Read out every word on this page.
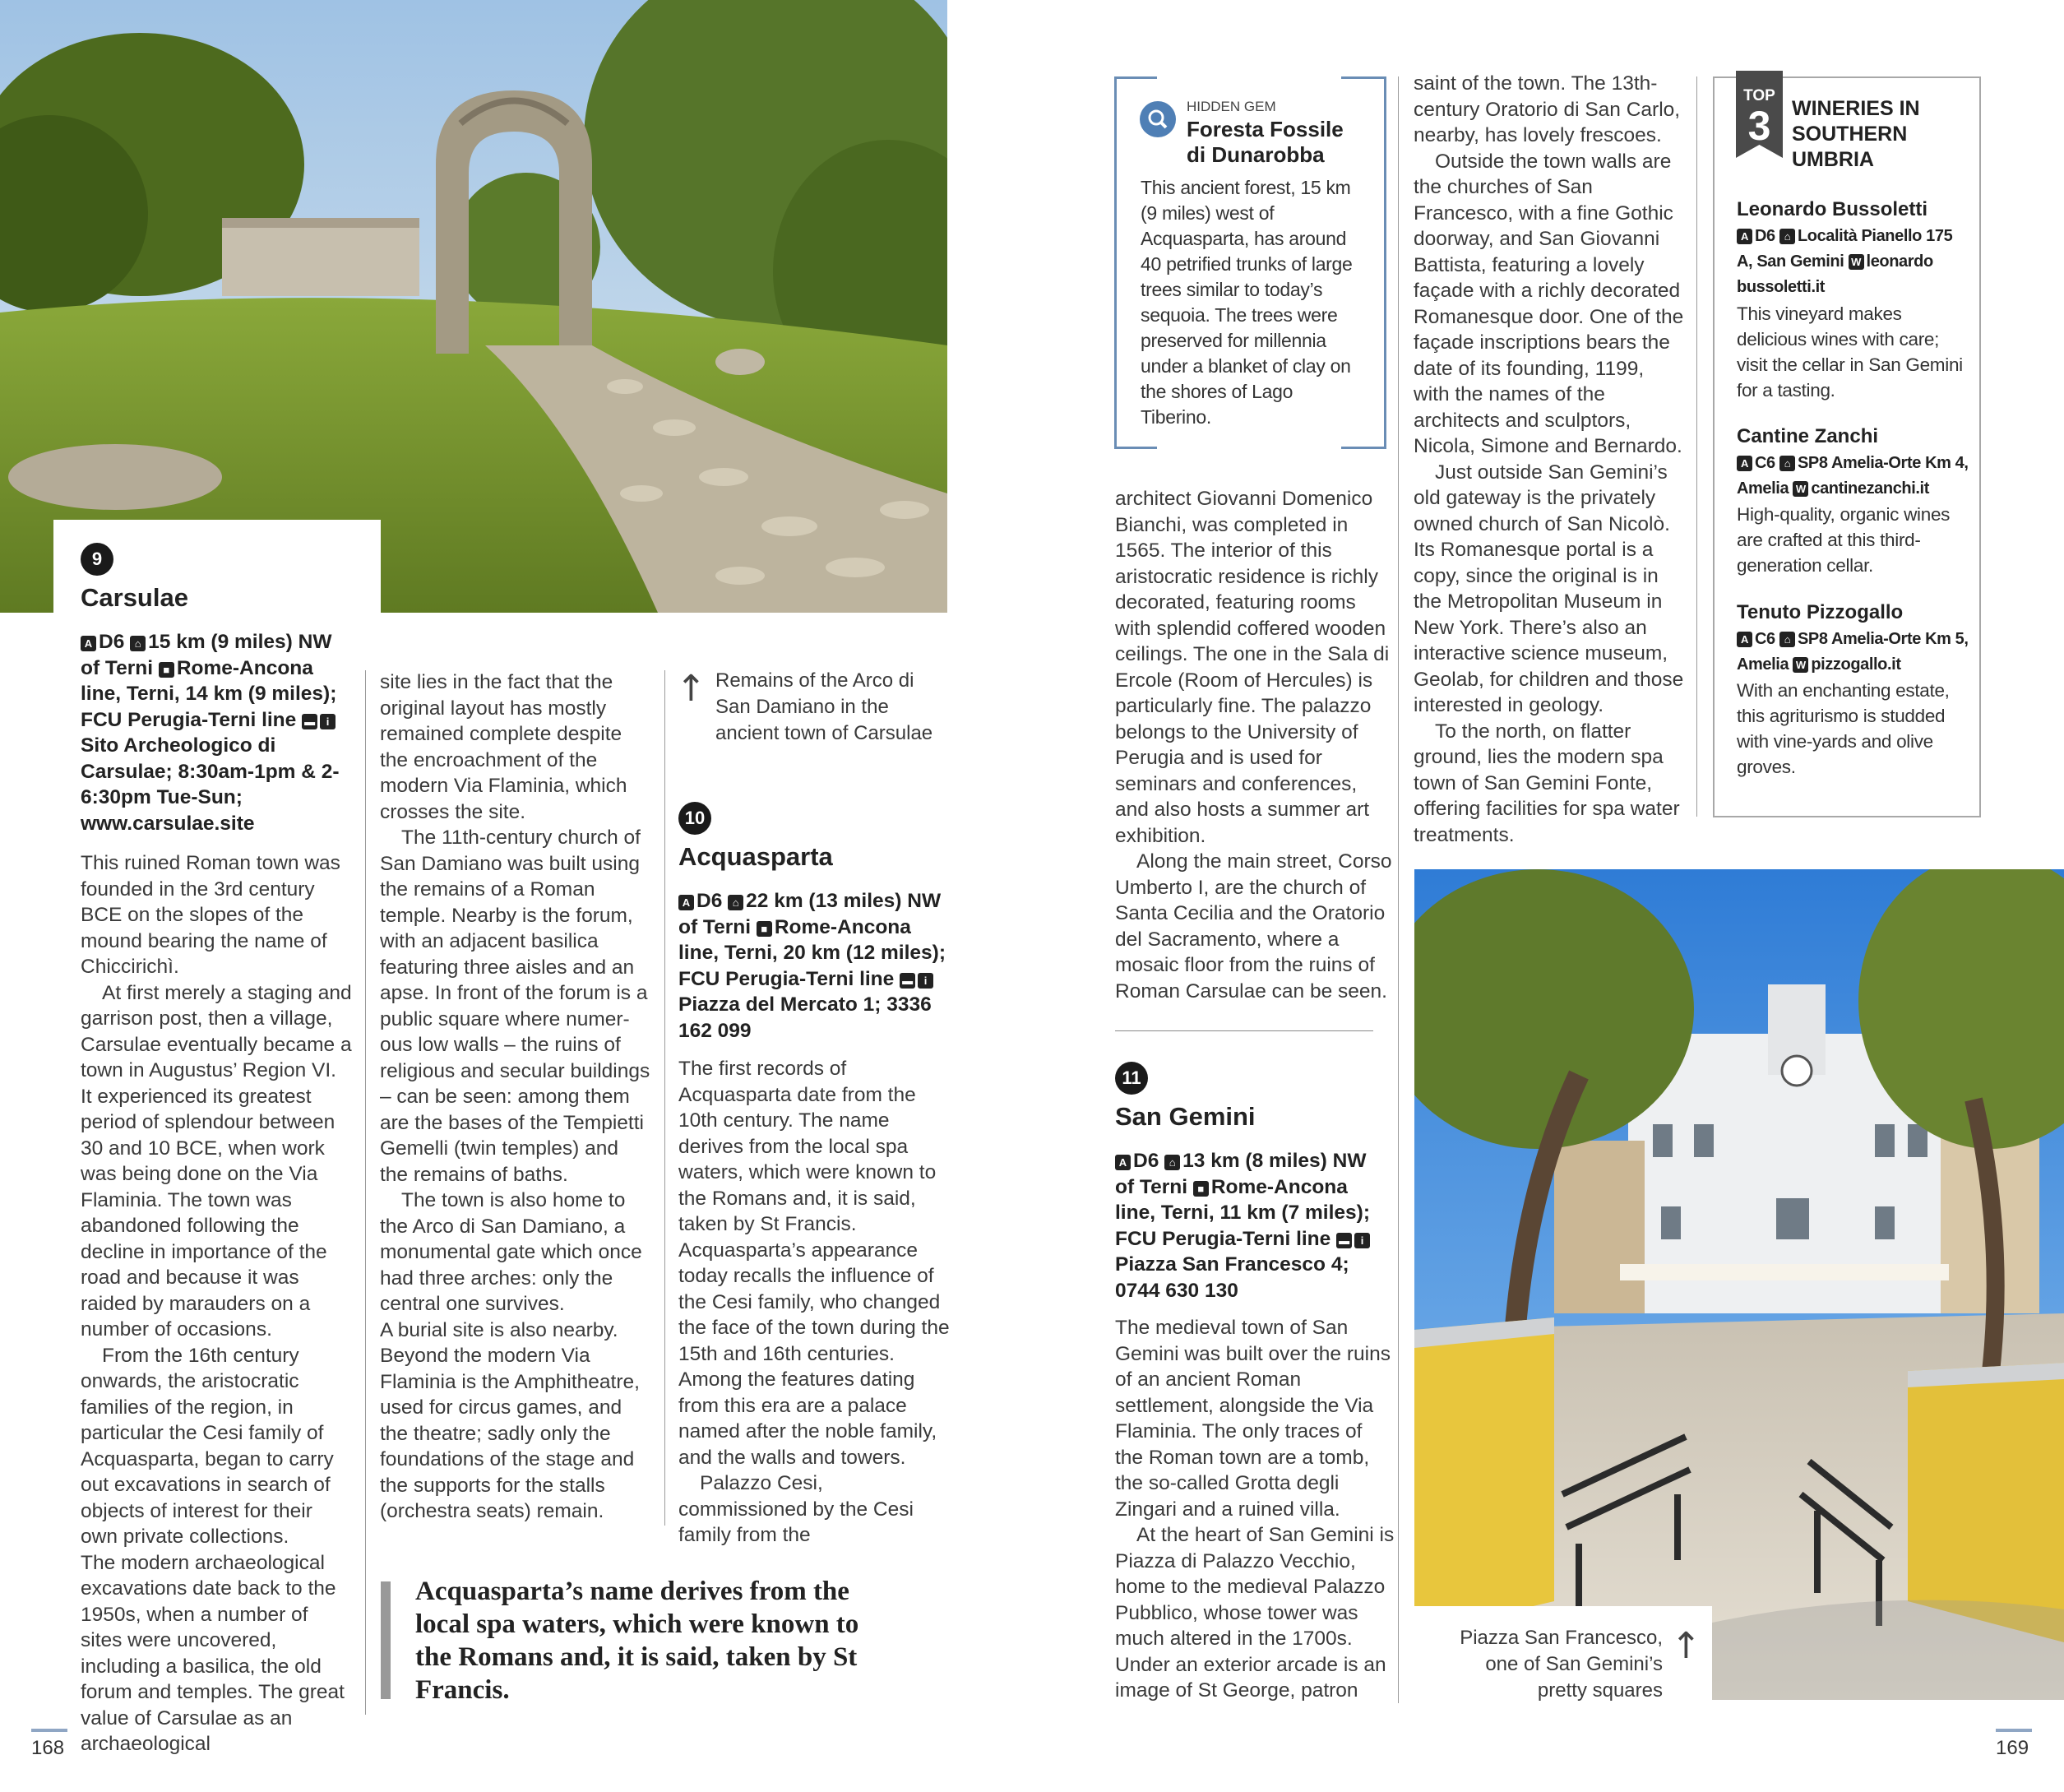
9
Carsulae
A D6 ⌂ 15 km (9 miles) NW of Terni ■ Rome-Ancona line, Terni, 14 km (9 miles); FCU Perugia-Terni line ▬ iSito Archeologico di Carsulae; 8:30am-1pm & 2-6:30pm Tue-Sun; www.carsulae.site

This ruined Roman town was founded in the 3rd century BCE on the slopes of the mound bearing the name of Chiccirichì.

At first merely a staging and garrison post, then a village, Carsulae eventually became a town in Augustus’ Region VI. It experienced its greatest period of splendour between 30 and 10 BCE, when work was being done on the Via Flaminia. The town was abandoned following the decline in importance of the road and because it was raided by marauders on a number of occasions.

From the 16th century onwards, the aristocratic families of the region, in particular the Cesi family of Acquasparta, began to carry out excavations in search of objects of interest for their own private collections.

The modern archaeological excavations date back to the 1950s, when a number of sites were uncovered, including a basilica, the old forum and temples. The great value of Carsulae as an archaeological

site lies in the fact that the original layout has mostly remained complete despite the encroachment of the modern Via Flaminia, which crosses the site.

The 11th-century church of San Damiano was built using the remains of a Roman temple. Nearby is the forum, with an adjacent basilica featuring three aisles and an apse. In front of the forum is a public square where numer-ous low walls – the ruins of religious and secular buildings – can be seen: among them are the bases of the Tempietti Gemelli (twin temples) and the remains of baths.

The town is also home to the Arco di San Damiano, a monumental gate which once had three arches: only the central one survives.

A burial site is also nearby. Beyond the modern Via Flaminia is the Amphitheatre, used for circus games, and the theatre; sadly only the foundations of the stage and the supports for the stalls (orchestra seats) remain.

↑ Remains of the Arco di San Damiano in the ancient town of Carsulae
10
Acquasparta
A D6 ⌂ 22 km (13 miles) NW of Terni ■ Rome-Ancona line, Terni, 20 km (12 miles); FCU Perugia-Terni line ▬ iPiazza del Mercato 1; 3336 162 099

The first records of Acquasparta date from the 10th century. The name derives from the local spa waters, which were known to the Romans and, it is said, taken by St Francis. Acquasparta’s appearance today recalls the influence of the Cesi family, who changed the face of the town during the 15th and 16th centuries. Among the features dating from this era are a palace named after the noble family, and the walls and towers.

Palazzo Cesi, commissioned by the Cesi family from the

Acquasparta’s name derives from the local spa waters, which were known to the Romans and, it is said, taken by St Francis.
168
HIDDEN GEM
Foresta Fossile di Dunarobba
This ancient forest, 15 km (9 miles) west of Acquasparta, has around 40 petrified trunks of large trees similar to today’s sequoia. The trees were preserved for millennia under a blanket of clay on the shores of Lago Tiberino.

architect Giovanni Domenico Bianchi, was completed in 1565. The interior of this aristocratic residence is richly decorated, featuring rooms with splendid coffered wooden ceilings. The one in the Sala di Ercole (Room of Hercules) is particularly fine. The palazzo belongs to the University of Perugia and is used for seminars and conferences, and also hosts a summer art exhibition.

Along the main street, Corso Umberto I, are the church of Santa Cecilia and the Oratorio del Sacramento, where a mosaic floor from the ruins of Roman Carsulae can be seen.

11
San Gemini
A D6 ⌂ 13 km (8 miles) NW of Terni ■ Rome-Ancona line, Terni, 11 km (7 miles); FCU Perugia-Terni line ▬ iPiazza San Francesco 4; 0744 630 130

The medieval town of San Gemini was built over the ruins of an ancient Roman settlement, alongside the Via Flaminia. The only traces of the Roman town are a tomb, the so-called Grotta degli Zingari and a ruined villa.

At the heart of San Gemini is Piazza di Palazzo Vecchio, home to the medieval Palazzo Pubblico, whose tower was much altered in the 1700s. Under an exterior arcade is an image of St George, patron

saint of the town. The 13th-century Oratorio di San Carlo, nearby, has lovely frescoes.

Outside the town walls are the churches of San Francesco, with a fine Gothic doorway, and San Giovanni Battista, featuring a lovely façade with a richly decorated Romanesque door. One of the façade inscriptions bears the date of its founding, 1199, with the names of the architects and sculptors, Nicola, Simone and Bernardo.

Just outside San Gemini’s old gateway is the privately owned church of San Nicolò. Its Romanesque portal is a copy, since the original is in the Metropolitan Museum in New York. There’s also an interactive science museum, Geolab, for children and those interested in geology.

To the north, on flatter ground, lies the modern spa town of San Gemini Fonte, offering facilities for spa water treatments.

TOP
3	WINERIES IN SOUTHERN UMBRIA
Leonardo Bussoletti
A D6 ⌂ Località Pianello 175 A, San Gemini W leonardo bussoletti.it
This vineyard makes delicious wines with care; visit the cellar in San Gemini for a tasting.
Cantine Zanchi
A C6 ⌂ SP8 Amelia-Orte Km 4, Amelia W cantinezanchi.it
High-quality, organic wines are crafted at this third-generation cellar.
Tenuto Pizzogallo
A C6 ⌂ SP8 Amelia-Orte Km 5, Amelia W pizzogallo.it
With an enchanting estate, this agriturismo is studded with vine-yards and olive groves.
Piazza San Francesco, one of San Gemini’s pretty squares
↑
169
